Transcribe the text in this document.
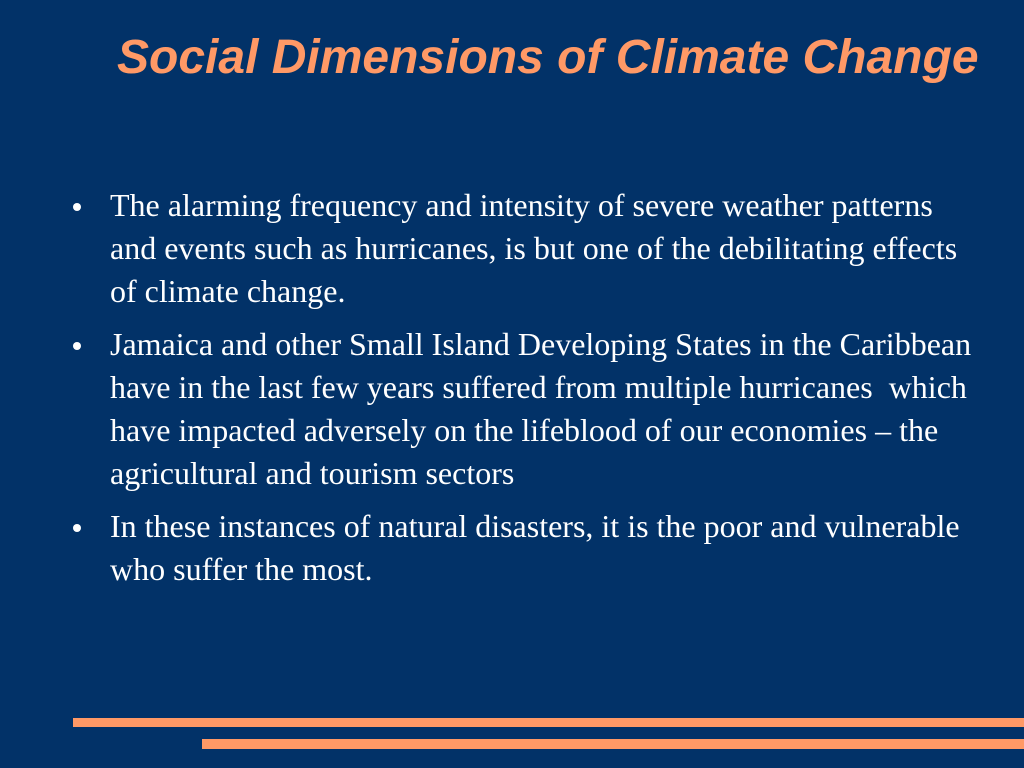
Social Dimensions of Climate Change
The alarming frequency and intensity of severe weather patterns and events such as hurricanes, is but one of the debilitating effects of climate change.
Jamaica and other Small Island Developing States in the Caribbean have in the last few years suffered from multiple hurricanes  which have impacted adversely on the lifeblood of our economies – the agricultural and tourism sectors
In these instances of natural disasters, it is the poor and vulnerable who suffer the most.
